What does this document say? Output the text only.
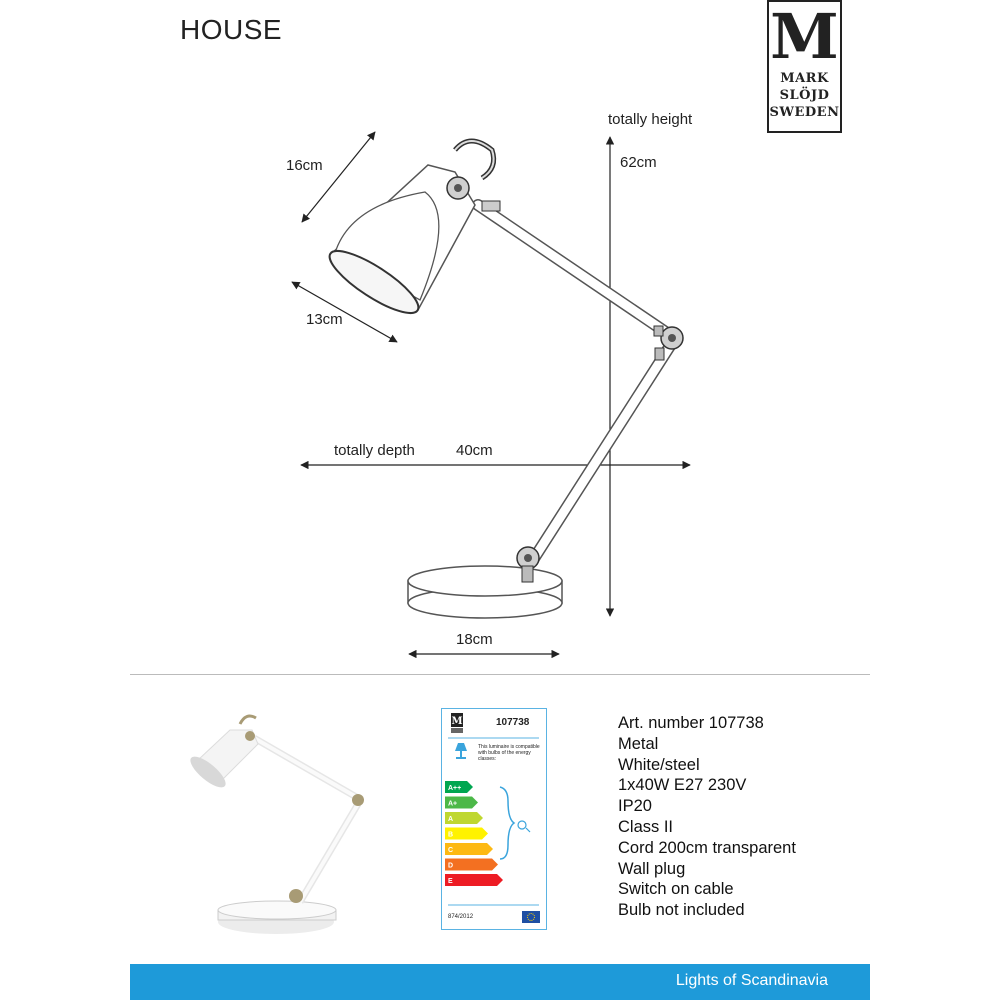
HOUSE	M
MARK
SLÖJD
SWEDEN
16cm
13cm
totally height
62cm
totally depth	40cm
18cm
M
A++
A+
A
B
C
D
E
107738
This luminaire is compatible with bulbs of the energy classes:
874/2012
Art. number 107738
Metal
White/steel
1x40W E27 230V
IP20
Class II
Cord 200cm transparent
Wall plug
Switch on cable
Bulb not included
Lights of Scandinavia
